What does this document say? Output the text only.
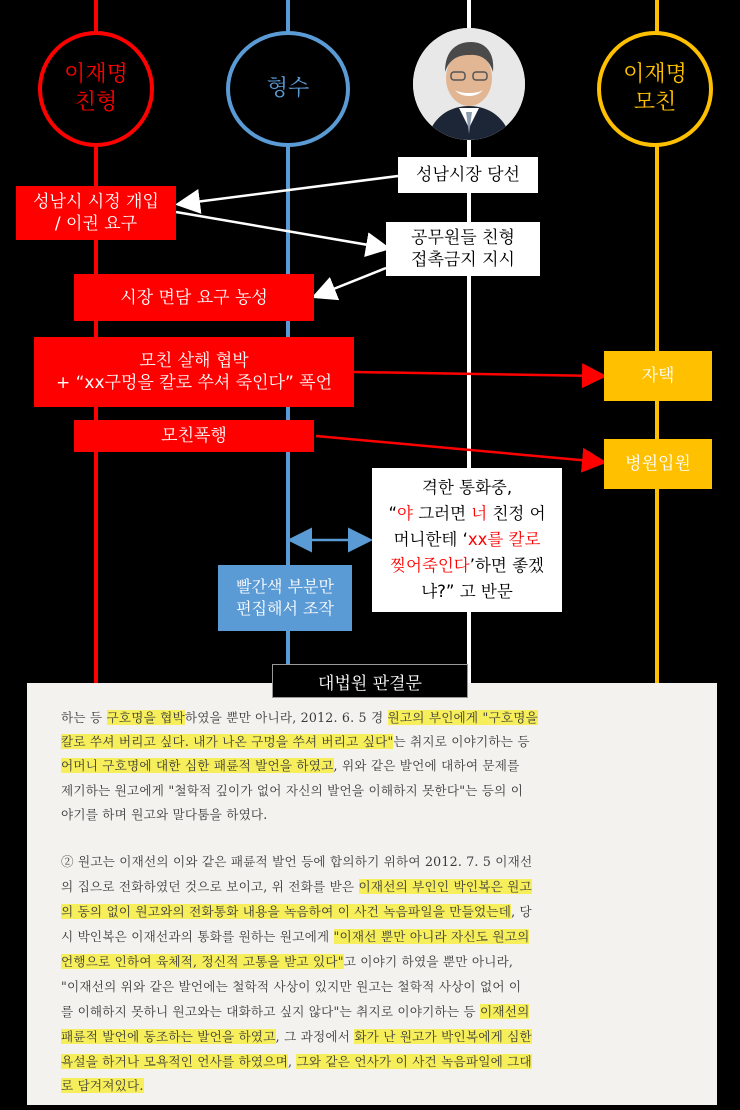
이재명
친형
형수
이재명
모친
성남시장 당선
성남시 시정 개입
/ 이권 요구
공무원들 친형
접촉금지 지시
시장 면담 요구 농성
모친 살해 협박
+ “xx구멍을 칼로 쑤셔 죽인다” 폭언	자택
모친폭행
병원입원
빨간색 부분만
편집해서 조작
격한 통화중,
“야 그러면 너 친정 어
머니한테 ‘xx를 칼로
찢어죽인다’하면 좋겠
냐?” 고 반문
하는 등 구호명을 협박하였을 뿐만 아니라, 2012. 6. 5 경 원고의 부인에게 "구호명을
칼로 쑤셔 버리고 싶다. 내가 나온 구멍을 쑤셔 버리고 싶다"는 취지로 이야기하는 등
어머니 구호명에 대한 심한 패륜적 발언을 하였고, 위와 같은 발언에 대하여 문제를
제기하는 원고에게 "철학적 깊이가 없어 자신의 발언을 이해하지 못한다"는 등의 이
야기를 하며 원고와 말다툼을 하였다.
② 원고는 이재선의 이와 같은 패륜적 발언 등에 합의하기 위하여 2012. 7. 5 이재선
의 집으로 전화하였던 것으로 보이고, 위 전화를 받은 이재선의 부인인 박인복은 원고
의 동의 없이 원고와의 전화통화 내용을 녹음하여 이 사건 녹음파일을 만들었는데, 당
시 박인복은 이재선과의 통화를 원하는 원고에게 "이재선 뿐만 아니라 자신도 원고의
언행으로 인하여 육체적, 정신적 고통을 받고 있다"고 이야기 하였을 뿐만 아니라,
"이재선의 위와 같은 발언에는 철학적 사상이 있지만 원고는 철학적 사상이 없어 이
를 이해하지 못하니 원고와는 대화하고 싶지 않다"는 취지로 이야기하는 등 이재선의
패륜적 발언에 동조하는 발언을 하였고, 그 과정에서 화가 난 원고가 박인복에게 심한
욕설을 하거나 모욕적인 언사를 하였으며, 그와 같은 언사가 이 사건 녹음파일에 그대
로 담겨져있다.
대법원 판결문
